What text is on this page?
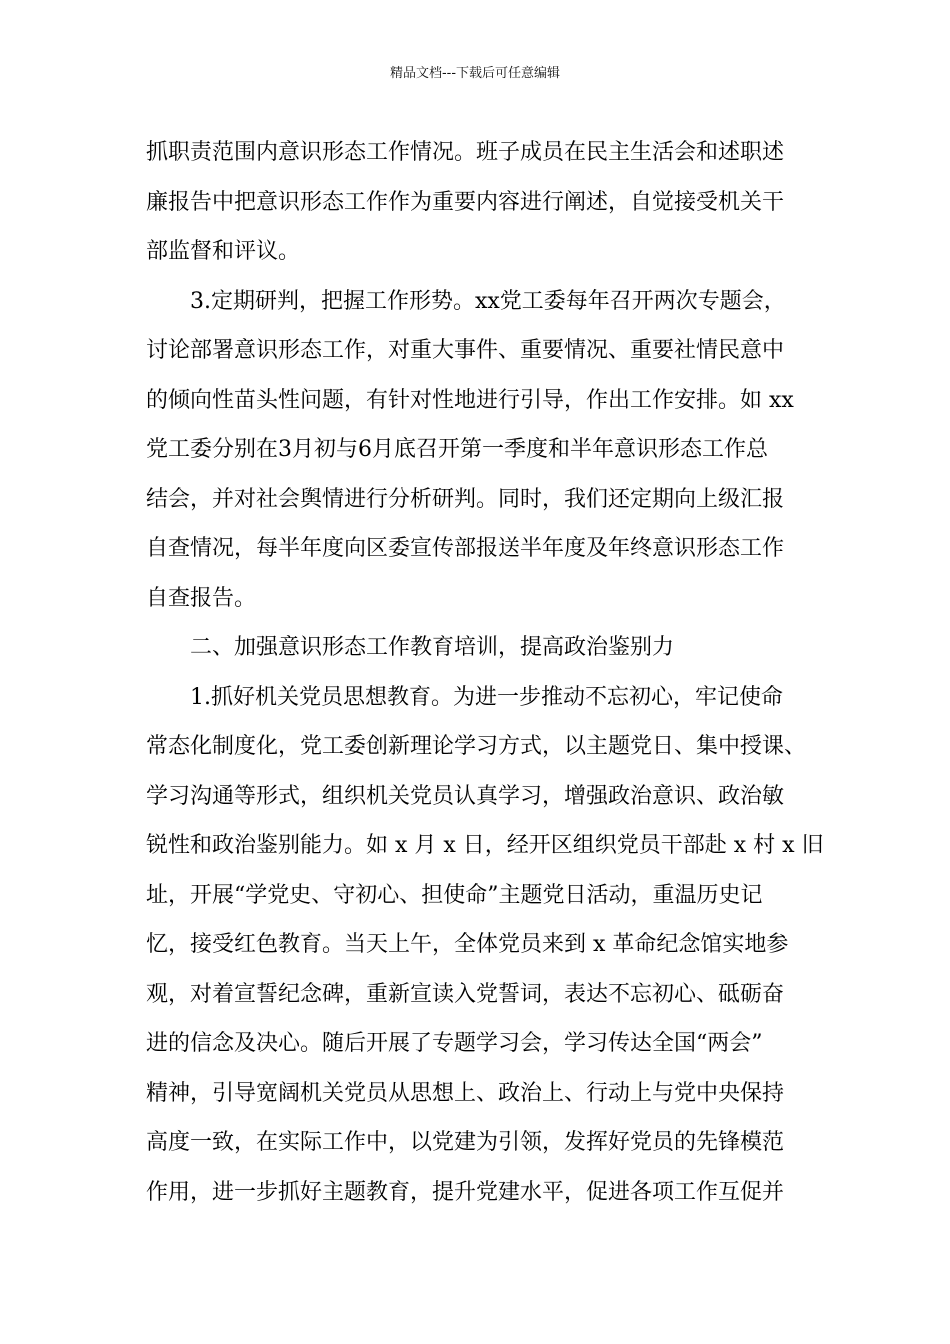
精品文档---下载后可任意编辑
抓职责范围内意识形态工作情况。班子成员在民主生活会和述职述
廉报告中把意识形态工作作为重要内容进行阐述，自觉接受机关干
部监督和评议。
3.定期研判，把握工作形势。xx党工委每年召开两次专题会，
讨论部署意识形态工作，对重大事件、重要情况、重要社情民意中
的倾向性苗头性问题，有针对性地进行引导，作出工作安排。如 xx
党工委分别在3月初与6月底召开第一季度和半年意识形态工作总
结会，并对社会舆情进行分析研判。同时，我们还定期向上级汇报
自查情况，每半年度向区委宣传部报送半年度及年终意识形态工作
自查报告。
二、加强意识形态工作教育培训，提高政治鉴别力
1.抓好机关党员思想教育。为进一步推动不忘初心，牢记使命
常态化制度化，党工委创新理论学习方式，以主题党日、集中授课、
学习沟通等形式，组织机关党员认真学习，增强政治意识、政治敏
锐性和政治鉴别能力。如 x 月 x 日，经开区组织党员干部赴 x 村 x 旧
址，开展“学党史、守初心、担使命”主题党日活动，重温历史记
忆，接受红色教育。当天上午，全体党员来到 x 革命纪念馆实地参
观，对着宣誓纪念碑，重新宣读入党誓词，表达不忘初心、砥砺奋
进的信念及决心。随后开展了专题学习会，学习传达全国“两会”
精神，引导宽阔机关党员从思想上、政治上、行动上与党中央保持
高度一致，在实际工作中，以党建为引领，发挥好党员的先锋模范
作用，进一步抓好主题教育，提升党建水平，促进各项工作互促并
